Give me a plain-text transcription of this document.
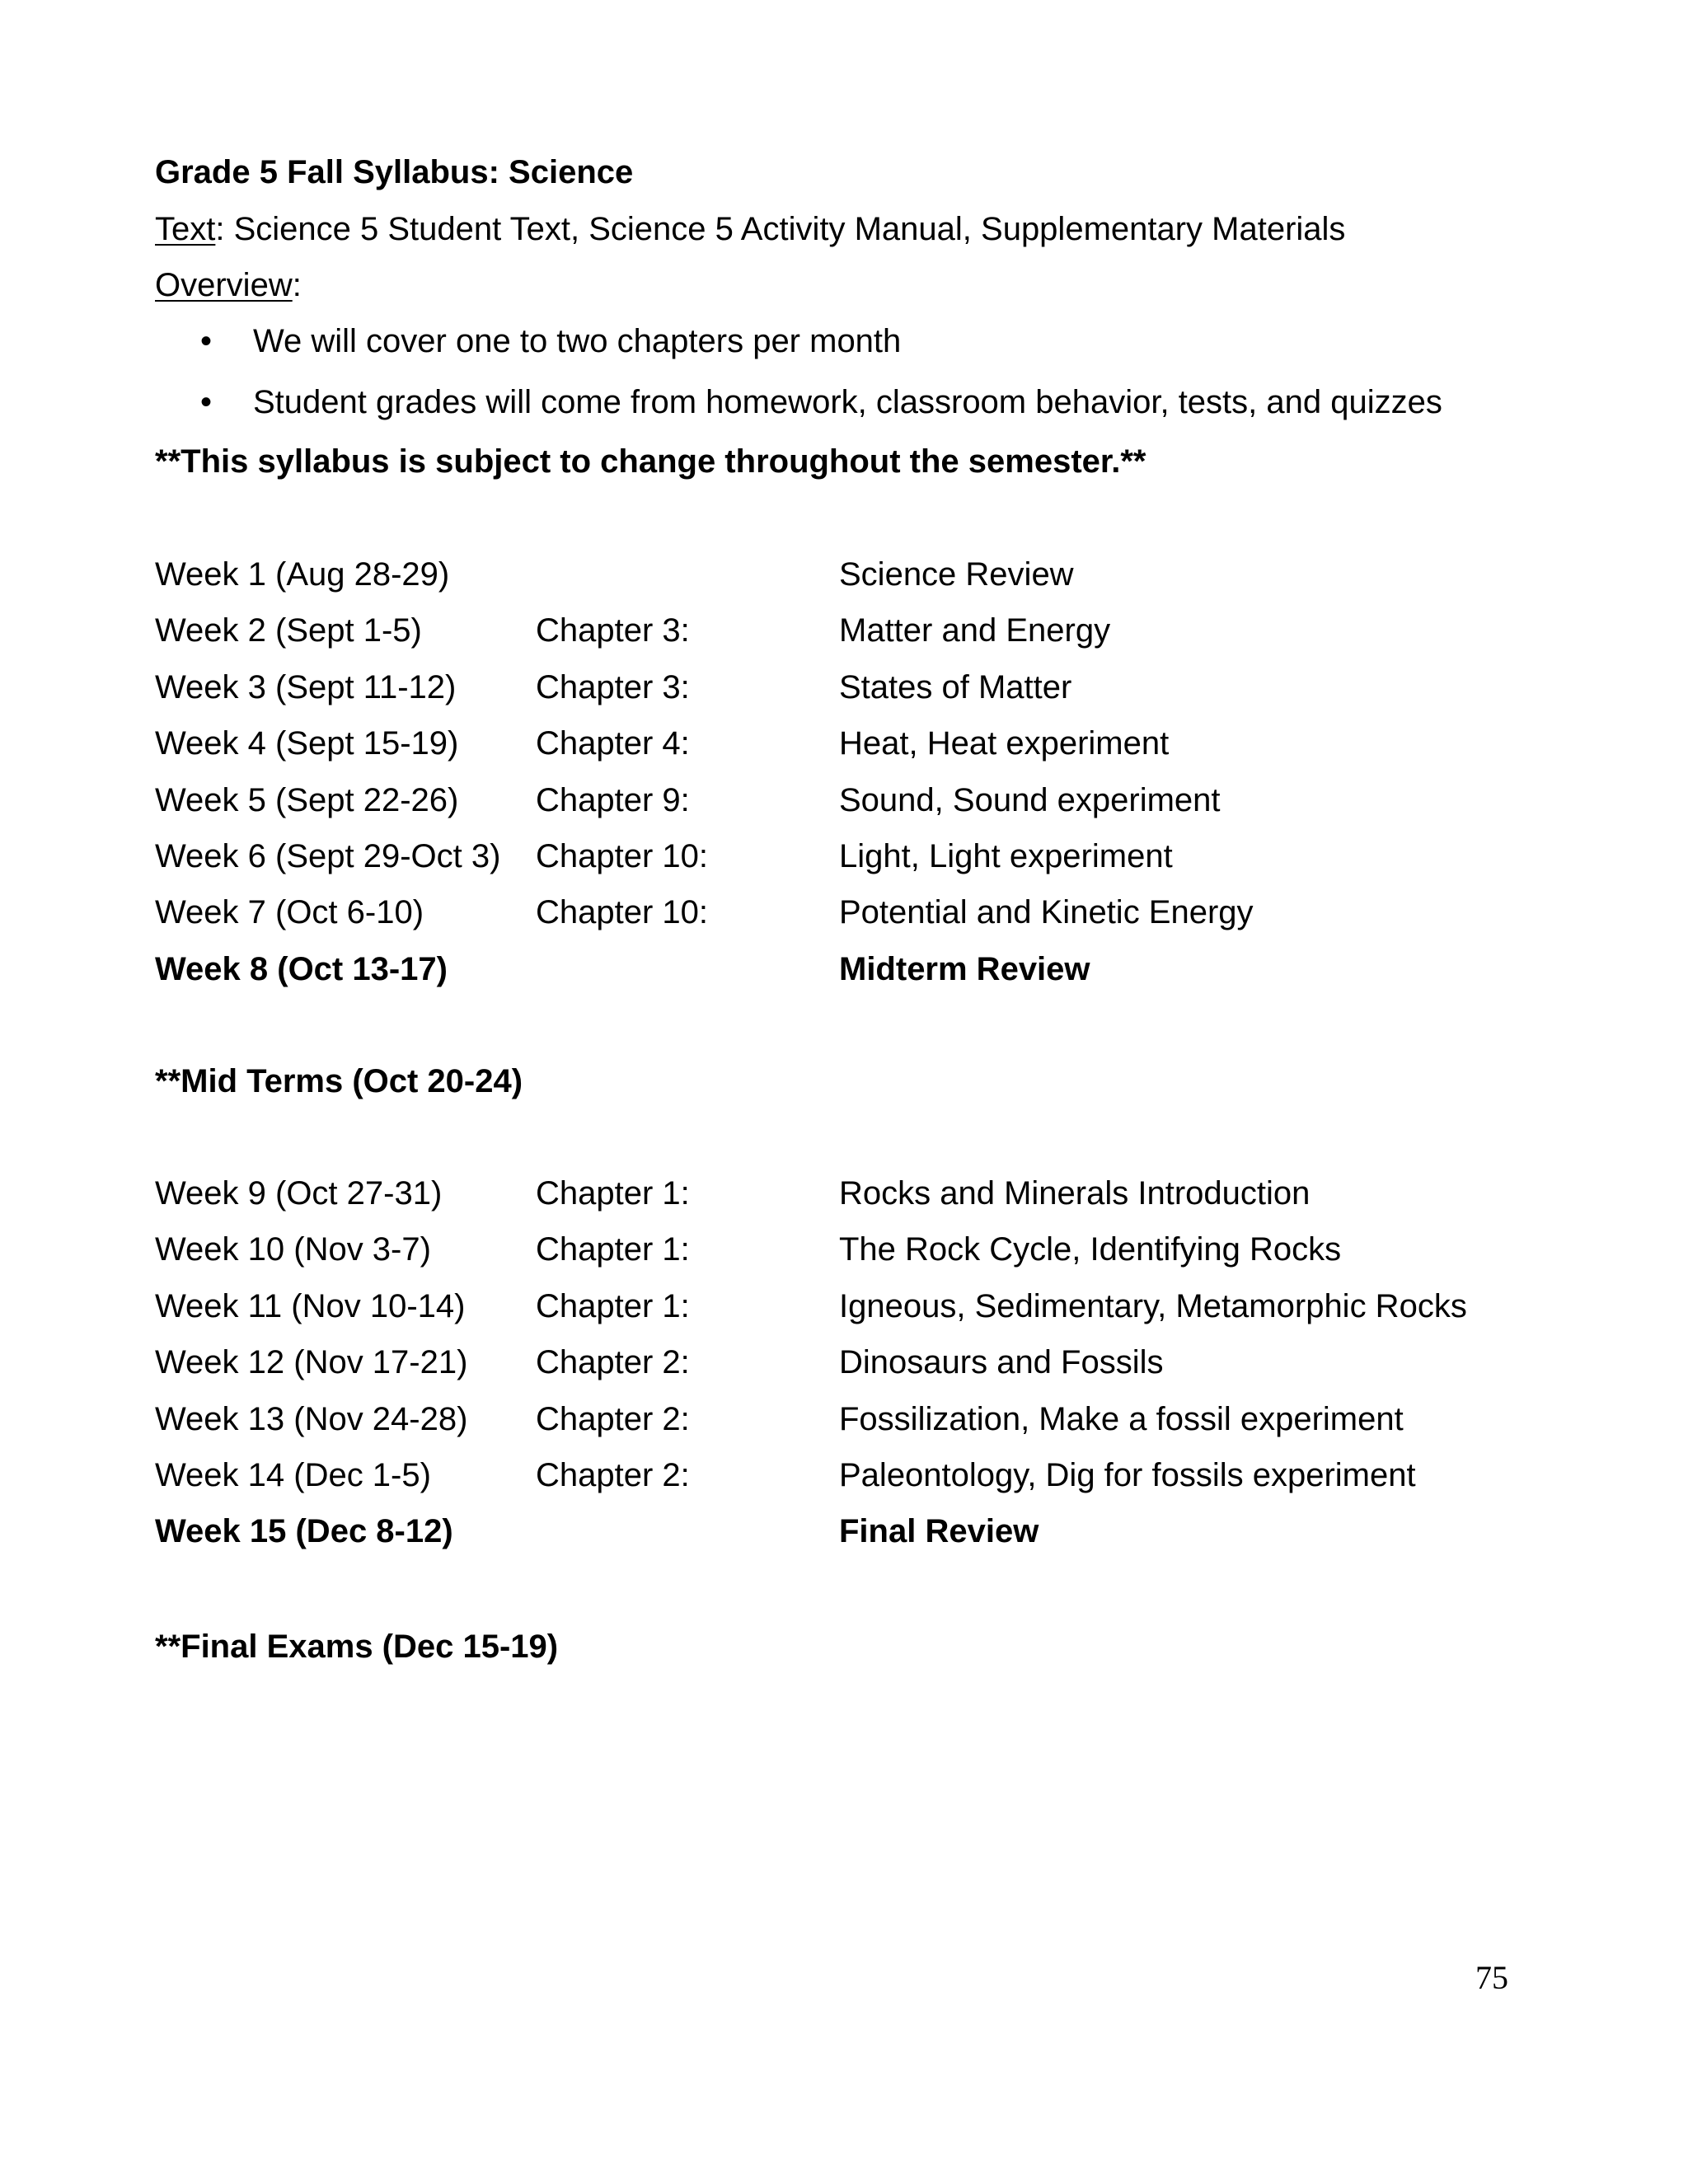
Grade 5 Fall Syllabus: Science
Text: Science 5 Student Text, Science 5 Activity Manual, Supplementary Materials
Overview:
• We will cover one to two chapters per month
• Student grades will come from homework, classroom behavior, tests, and quizzes
**This syllabus is subject to change throughout the semester.**
Week 1 (Aug 28-29)	Science Review
Week 2 (Sept 1-5)	Chapter 3:	Matter and Energy
Week 3 (Sept 11-12) Chapter 3:	States of Matter
Week 4 (Sept 15-19) Chapter 4:	Heat, Heat experiment
Week 5 (Sept 22-26) Chapter 9:	Sound, Sound experiment
Week 6 (Sept 29-Oct 3) Chapter 10:	Light, Light experiment
Week 7 (Oct 6-10)	Chapter 10:	Potential and Kinetic Energy
Week 8 (Oct 13-17)	Midterm Review
**Mid Terms (Oct 20-24)
Week 9 (Oct 27-31)	Chapter 1:	Rocks and Minerals Introduction
Week 10 (Nov 3-7)	Chapter 1:	The Rock Cycle, Identifying Rocks
Week 11 (Nov 10-14) Chapter 1:	Igneous, Sedimentary, Metamorphic Rocks
Week 12 (Nov 17-21) Chapter 2:	Dinosaurs and Fossils
Week 13 (Nov 24-28) Chapter 2:	Fossilization, Make a fossil experiment
Week 14 (Dec 1-5)	Chapter 2:	Paleontology, Dig for fossils experiment
Week 15 (Dec 8-12)	Final Review
**Final Exams (Dec 15-19)
75
